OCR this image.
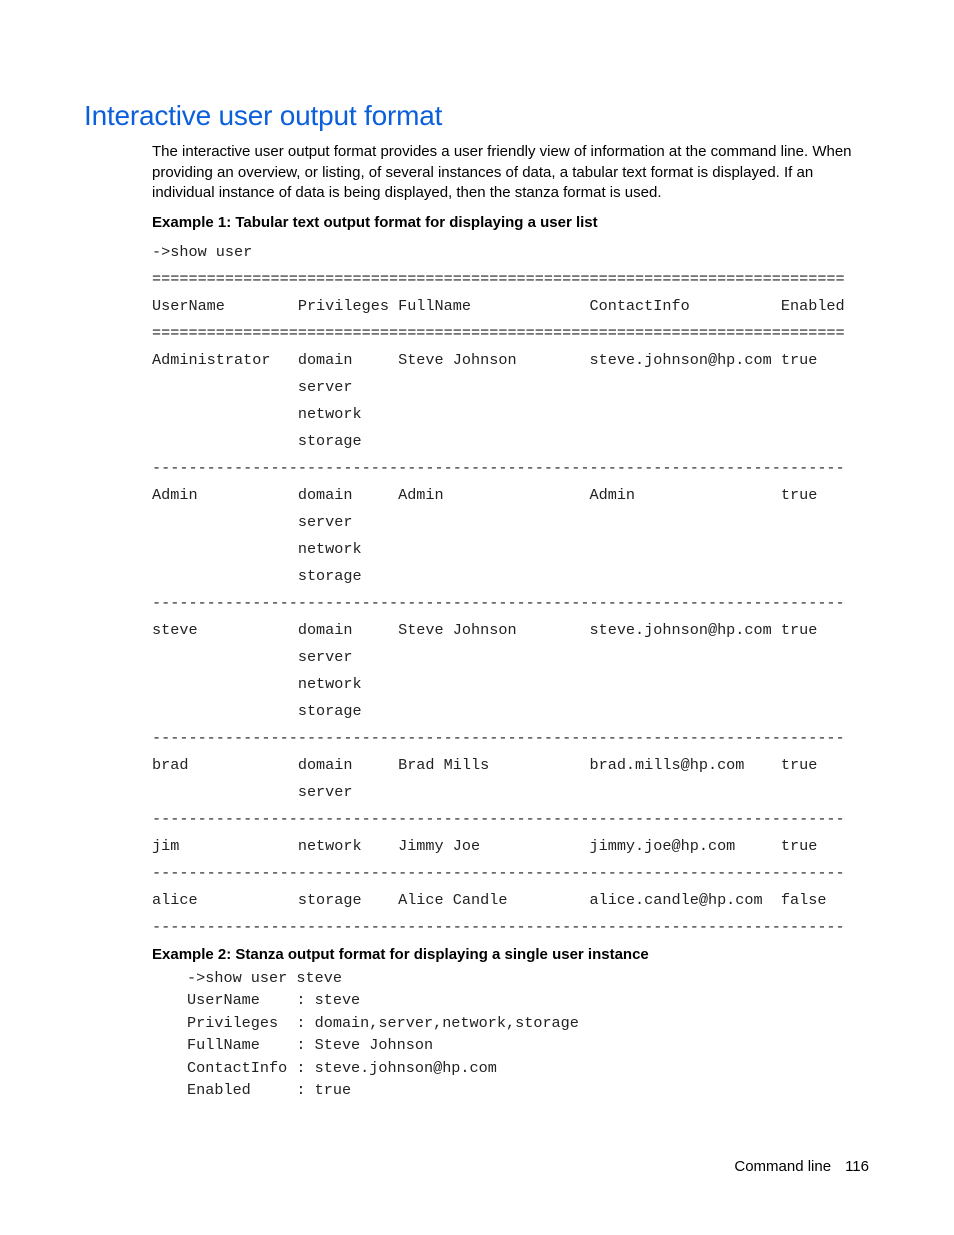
Interactive user output format

The interactive user output format provides a user friendly view of information at the command line. When providing an overview, or listing, of several instances of data, a tabular text format is displayed. If an individual instance of data is being displayed, then the stanza format is used.

Example 1: Tabular text output format for displaying a user list

->show user
============================================================================
UserName        Privileges FullName             ContactInfo          Enabled
============================================================================
Administrator   domain     Steve Johnson        steve.johnson@hp.com true
server
network
storage
----------------------------------------------------------------------------
Admin           domain     Admin                Admin                true
server
network
storage
----------------------------------------------------------------------------
steve           domain     Steve Johnson        steve.johnson@hp.com true
server
network
storage
----------------------------------------------------------------------------
brad            domain     Brad Mills           brad.mills@hp.com    true
server
----------------------------------------------------------------------------
jim             network    Jimmy Joe            jimmy.joe@hp.com     true
----------------------------------------------------------------------------
alice           storage    Alice Candle         alice.candle@hp.com  false
----------------------------------------------------------------------------

Example 2: Stanza output format for displaying a single user instance

->show user steve
UserName    : steve
Privileges  : domain,server,network,storage
FullName    : Steve Johnson
ContactInfo : steve.johnson@hp.com
Enabled     : true

Command line 116
